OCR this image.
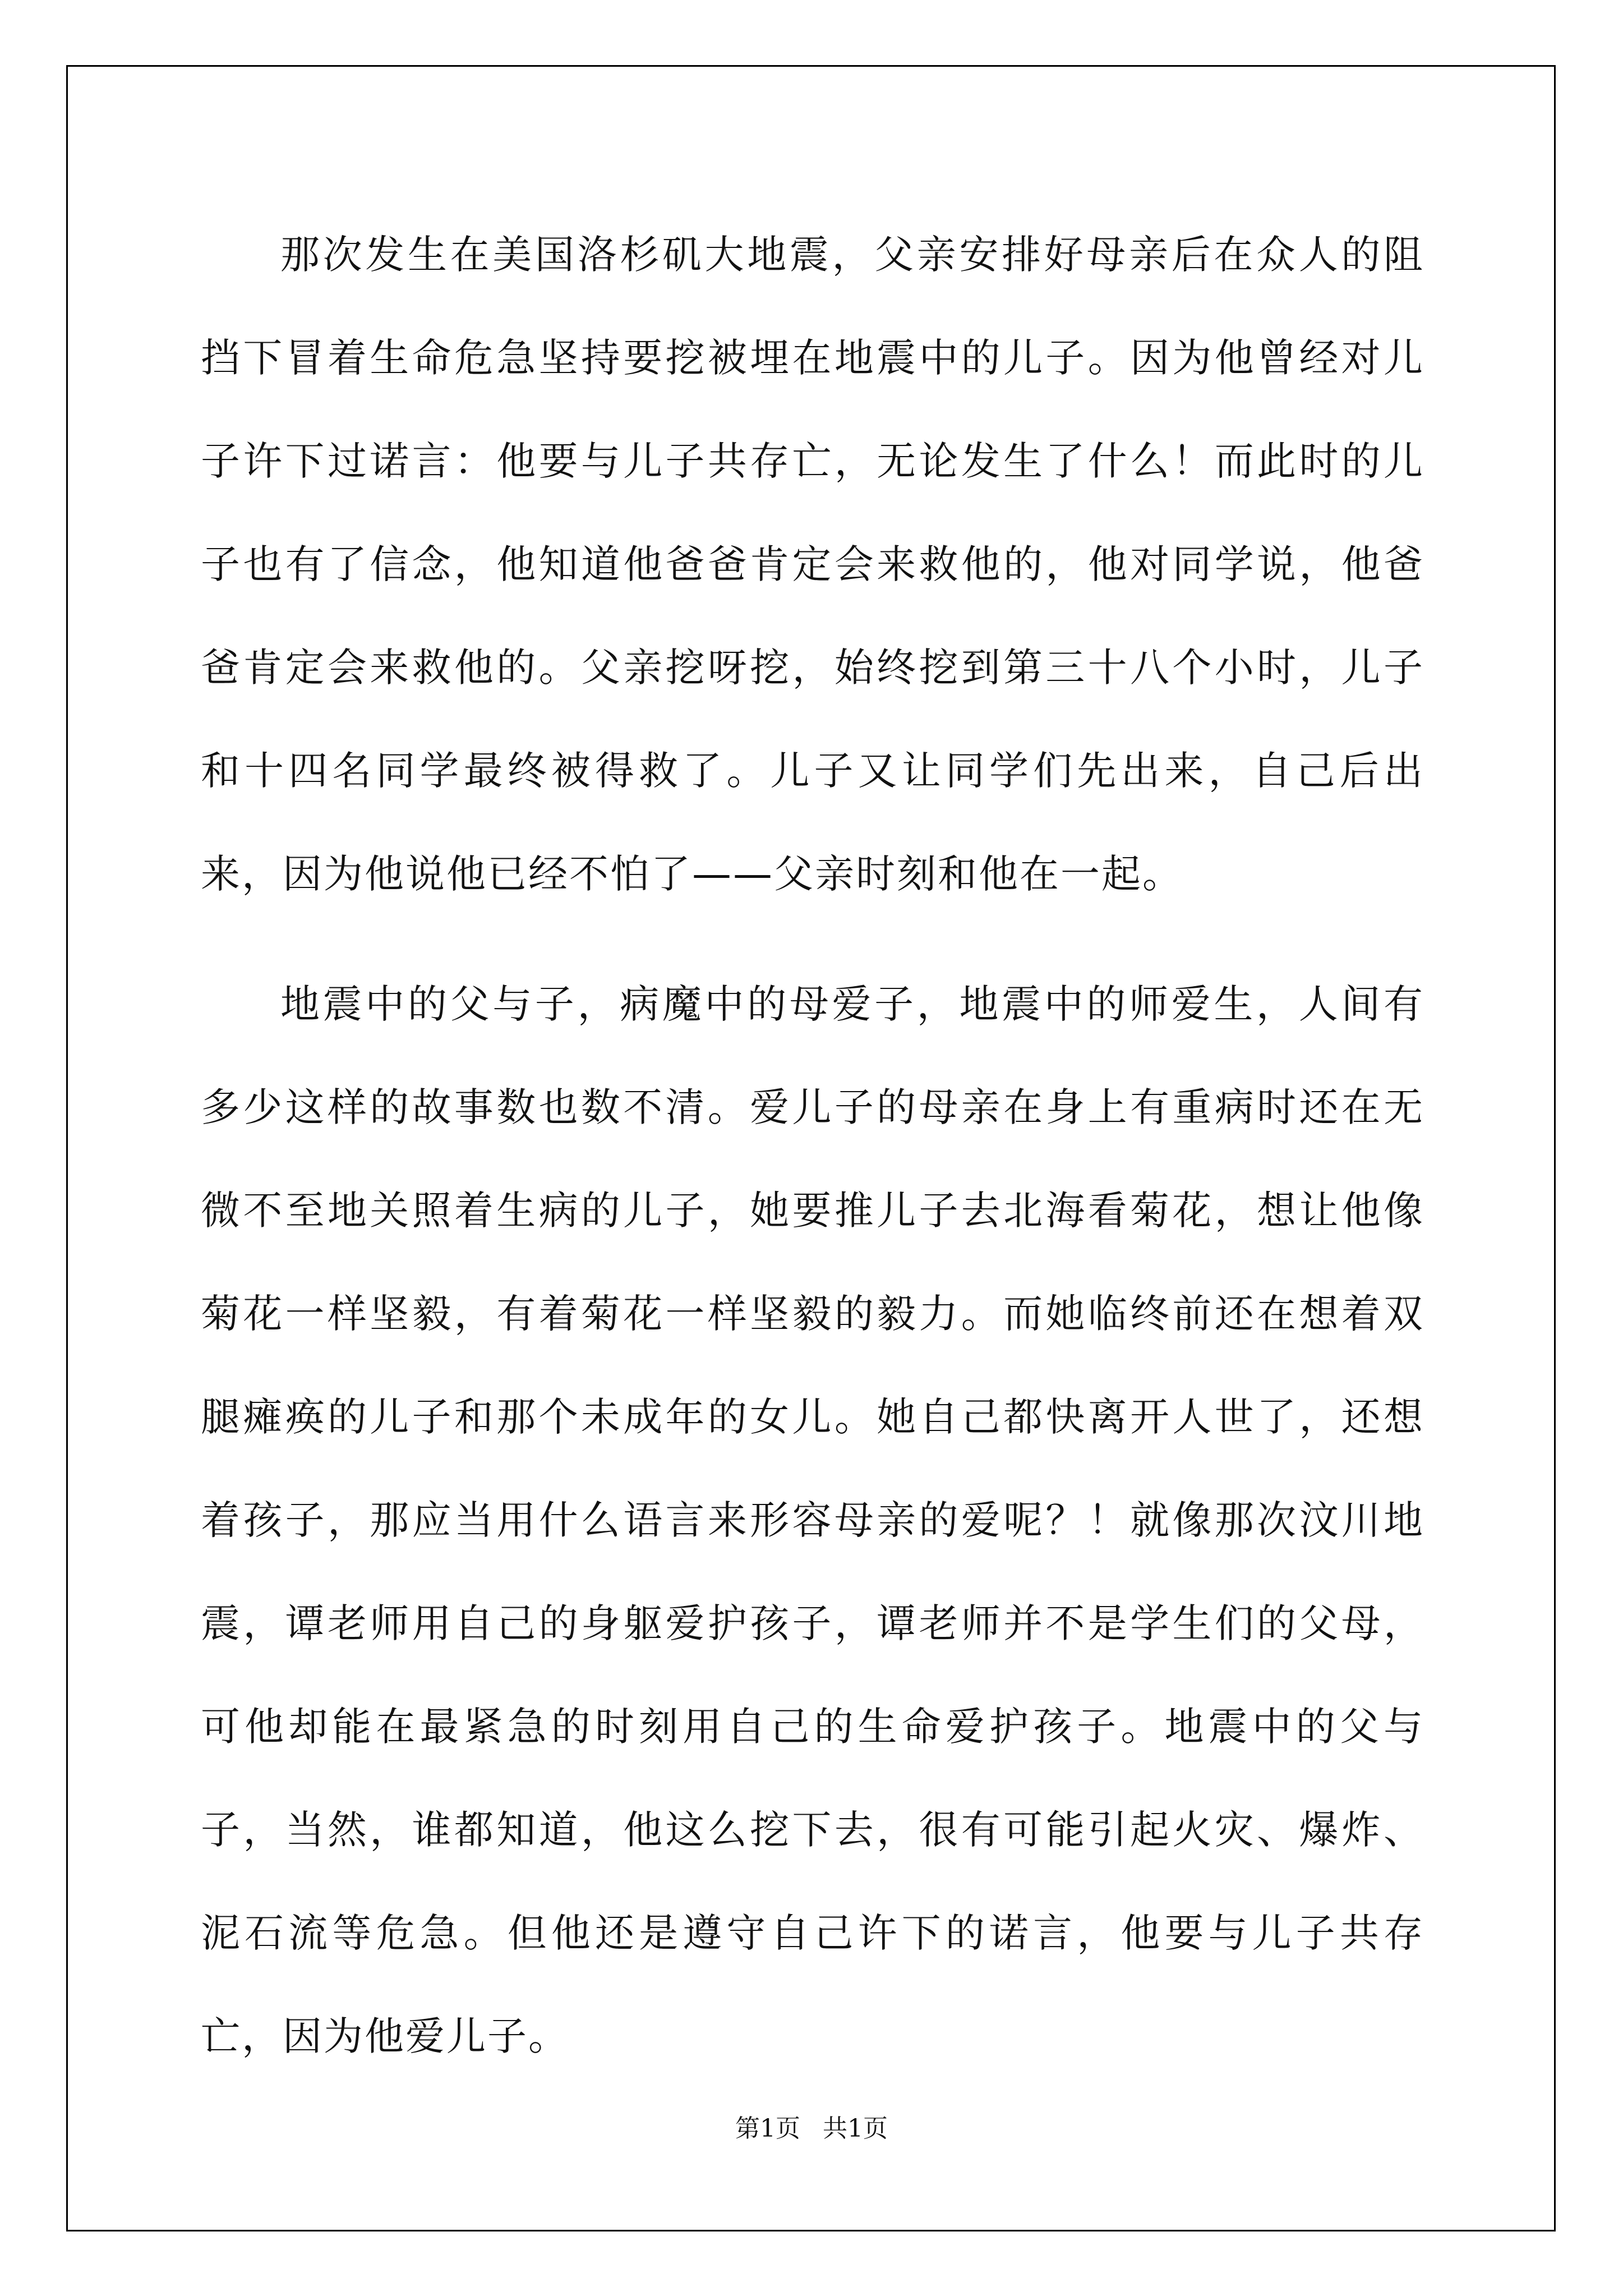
那次发生在美国洛杉矶大地震，父亲安排好母亲后在众人的阻挡下冒着生命危急坚持要挖被埋在地震中的儿子。因为他曾经对儿子许下过诺言：他要与儿子共存亡，无论发生了什么！而此时的儿子也有了信念，他知道他爸爸肯定会来救他的，他对同学说，他爸爸肯定会来救他的。父亲挖呀挖，始终挖到第三十八个小时，儿子和十四名同学最终被得救了。儿子又让同学们先出来，自己后出来，因为他说他已经不怕了——父亲时刻和他在一起。

地震中的父与子，病魔中的母爱子，地震中的师爱生，人间有多少这样的故事数也数不清。爱儿子的母亲在身上有重病时还在无微不至地关照着生病的儿子，她要推儿子去北海看菊花，想让他像菊花一样坚毅，有着菊花一样坚毅的毅力。而她临终前还在想着双腿瘫痪的儿子和那个未成年的女儿。她自己都快离开人世了，还想着孩子，那应当用什么语言来形容母亲的爱呢？！就像那次汶川地震，谭老师用自己的身躯爱护孩子，谭老师并不是学生们的父母，可他却能在最紧急的时刻用自己的生命爱护孩子。地震中的父与子，当然，谁都知道，他这么挖下去，很有可能引起火灾、爆炸、泥石流等危急。但他还是遵守自己许下的诺言，他要与儿子共存亡，因为他爱儿子。

第1页 共1页
